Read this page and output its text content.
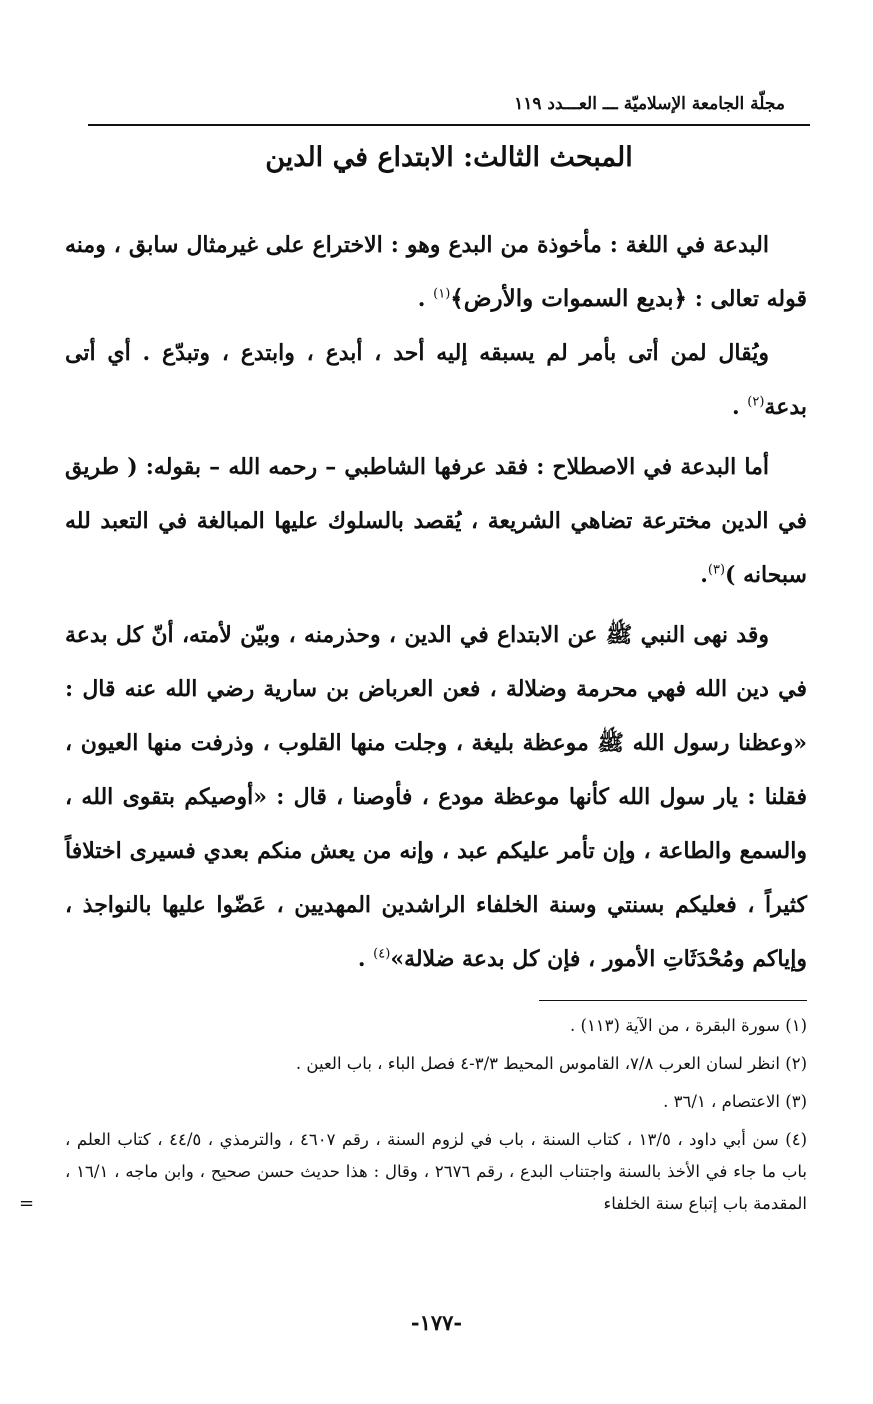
مجلّة الجامعة الإسلاميّة ـــ العـــدد ١١٩
المبحث الثالث: الابتداع في الدين

البدعة في اللغة : مأخوذة من البدع وهو : الاختراع على غيرمثال سابق ، ومنه قوله تعالى : ﴿بديع السموات والأرض﴾$^{(١)}$ .

ويُقال لمن أتى بأمر لم يسبقه إليه أحد ، أبدع ، وابتدع ، وتبدّع . أي أتى بدعة$^{(٢)}$ .

أما البدعة في الاصطلاح : فقد عرفها الشاطبي – رحمه الله – بقوله: ( طريق في الدين مخترعة تضاهي الشريعة ، يُقصد بالسلوك عليها المبالغة في التعبد لله سبحانه )$^{(٣)}$.

وقد نهى النبي ﷺ عن الابتداع في الدين ، وحذرمنه ، وبيّن لأمته، أنّ كل بدعة في دين الله فهي محرمة وضلالة ، فعن العرباض بن سارية رضي الله عنه قال : «وعظنا رسول الله ﷺ موعظة بليغة ، وجلت منها القلوب ، وذرفت منها العيون ، فقلنا : يار سول الله كأنها موعظة مودع ، فأوصنا ، قال : «أوصيكم بتقوى الله ، والسمع والطاعة ، وإن تأمر عليكم عبد ، وإنه من يعش منكم بعدي فسيرى اختلافاً كثيراً ، فعليكم بسنتي وسنة الخلفاء الراشدين المهديين ، عَضّوا عليها بالنواجذ ، وإياكم ومُحْدَثَاتِ الأمور ، فإن كل بدعة ضلالة»$^{(٤)}$ .

(١) سورة البقرة ، من الآية (١١٣) .
(٢) انظر لسان العرب ٧/٨، القاموس المحيط ٣/٣-٤ فصل الباء ، باب العين .
(٣) الاعتصام ، ٣٦/١ .
(٤) سن أبي داود ، ١٣/٥ ، كتاب السنة ، باب في لزوم السنة ، رقم ٤٦٠٧ ، والترمذي ، ٤٤/٥ ، كتاب العلم ، باب ما جاء في الأخذ بالسنة واجتناب البدع ، رقم ٢٦٧٦ ، وقال : هذا حديث حسن صحيح ، وابن ماجه ، ١٦/١ ، المقدمة باب إتباع سنة الخلفاء
=
-١٧٧-
